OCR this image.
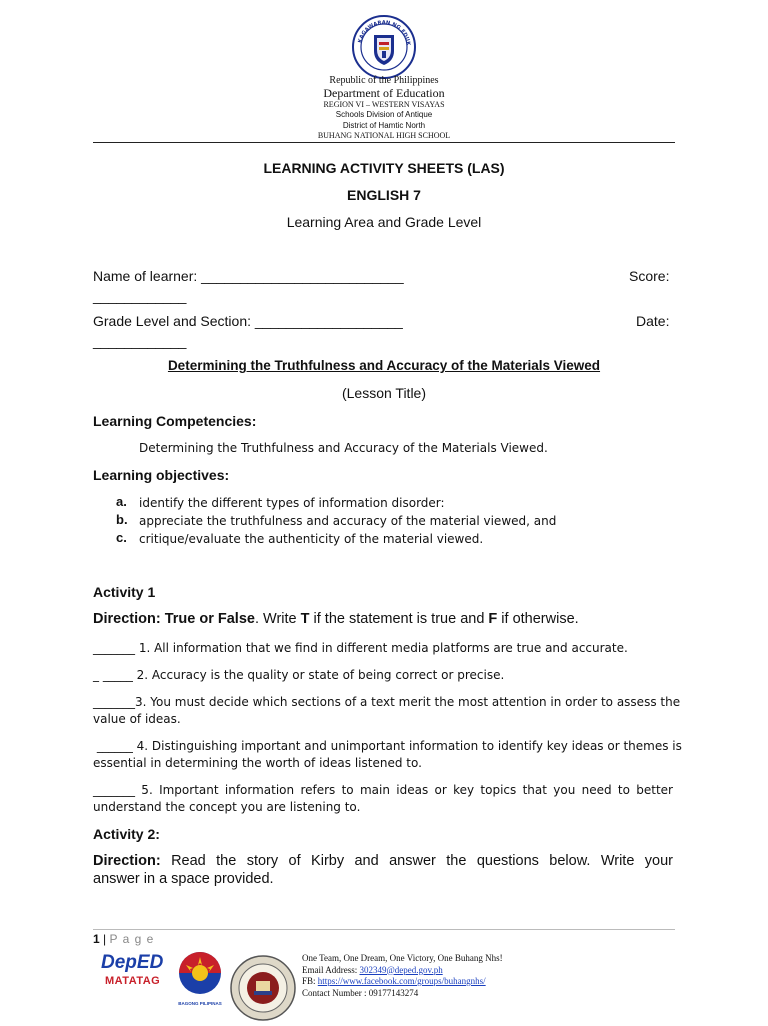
KAGAWARAN NG EDUK
Republic of the Philippines
Department of Education
REGION VI – WESTERN VISAYAS
Schools Division of Antique
District of Hamtic North
BUHANG NATIONAL HIGH SCHOOL
LEARNING ACTIVITY SHEETS (LAS)
ENGLISH 7
Learning Area and Grade Level
Name of learner: __________________________	Score:
____________
Grade Level and Section: ___________________	Date:
____________
Determining the Truthfulness and Accuracy of the Materials Viewed
(Lesson Title)
Learning Competencies:
Determining the Truthfulness and Accuracy of the Materials Viewed.
Learning objectives:
a. identify the different types of information disorder:
b. appreciate the truthfulness and accuracy of the material viewed, and
c. critique/evaluate the authenticity of the material viewed.
Activity 1
Direction: True or False. Write T if the statement is true and F if otherwise.
_______ 1. All information that we find in different media platforms are true and accurate.
_ _____ 2. Accuracy is the quality or state of being correct or precise.
_______3. You must decide which sections of a text merit the most attention in order to assess the
value of ideas.
______ 4. Distinguishing important and unimportant information to identify key ideas or themes is
essential in determining the worth of ideas listened to.
_______ 5. Important information refers to main ideas or key topics that you need to better
understand the concept you are listening to.
Activity 2:
Direction: Read the story of Kirby and answer the questions below. Write your
answer in a space provided.
1 | P a g e
DepED
MATATAG
BAGONG PILIPINAS
One Team, One Dream, One Victory, One Buhang Nhs!
Email Address: 302349@deped.gov.ph
FB: https://www.facebook.com/groups/buhangnhs/
Contact Number : 09177143274
